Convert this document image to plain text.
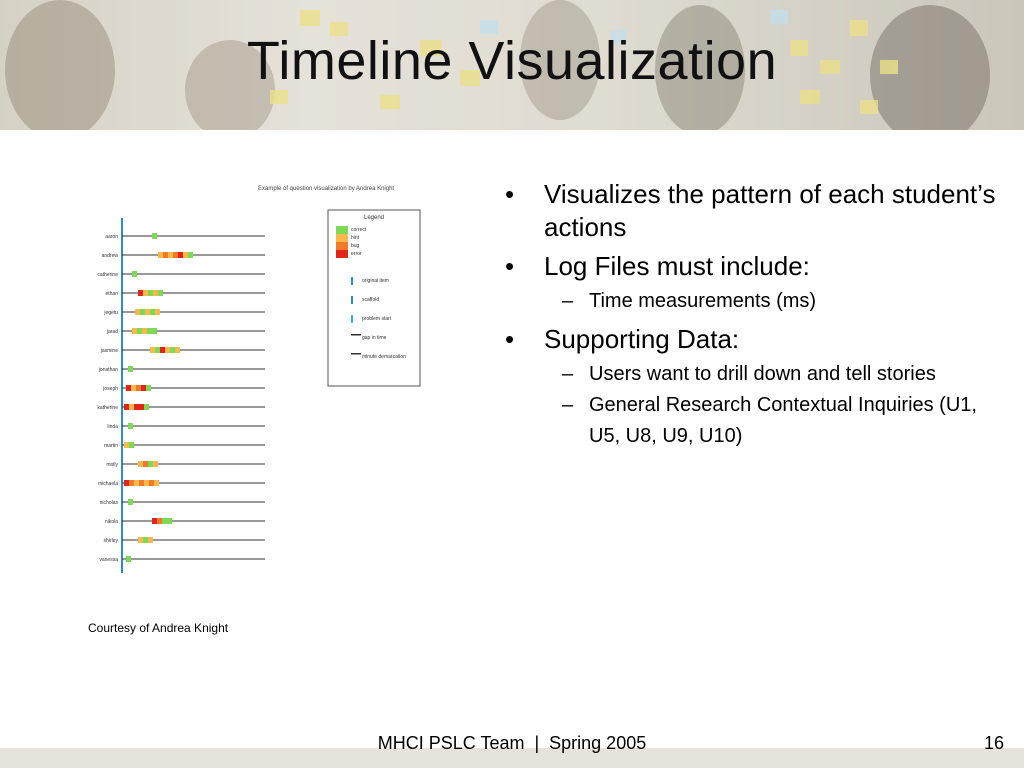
Timeline Visualization
Example of question visualization by Andrea Knight
aaron
andrew
catherine
ethan
jegetu
jarad
jasmine
jonathan
joseph
katherine
linda
martin
molly
michaela
nicholas
nikola
shirley
vanessa
Legend
correct
hint
bug
error
original item
scaffold
problem start
gap in time
minute demarcation
Courtesy of Andrea Knight
• Visualizes the pattern of each student’s actions
• Log Files must include:
– Time measurements (ms)
• Supporting Data:
– Users want to drill down and tell stories
– General Research Contextual Inquiries (U1, U5, U8, U9, U10)
MHCI PSLC Team  |  Spring 2005	16
